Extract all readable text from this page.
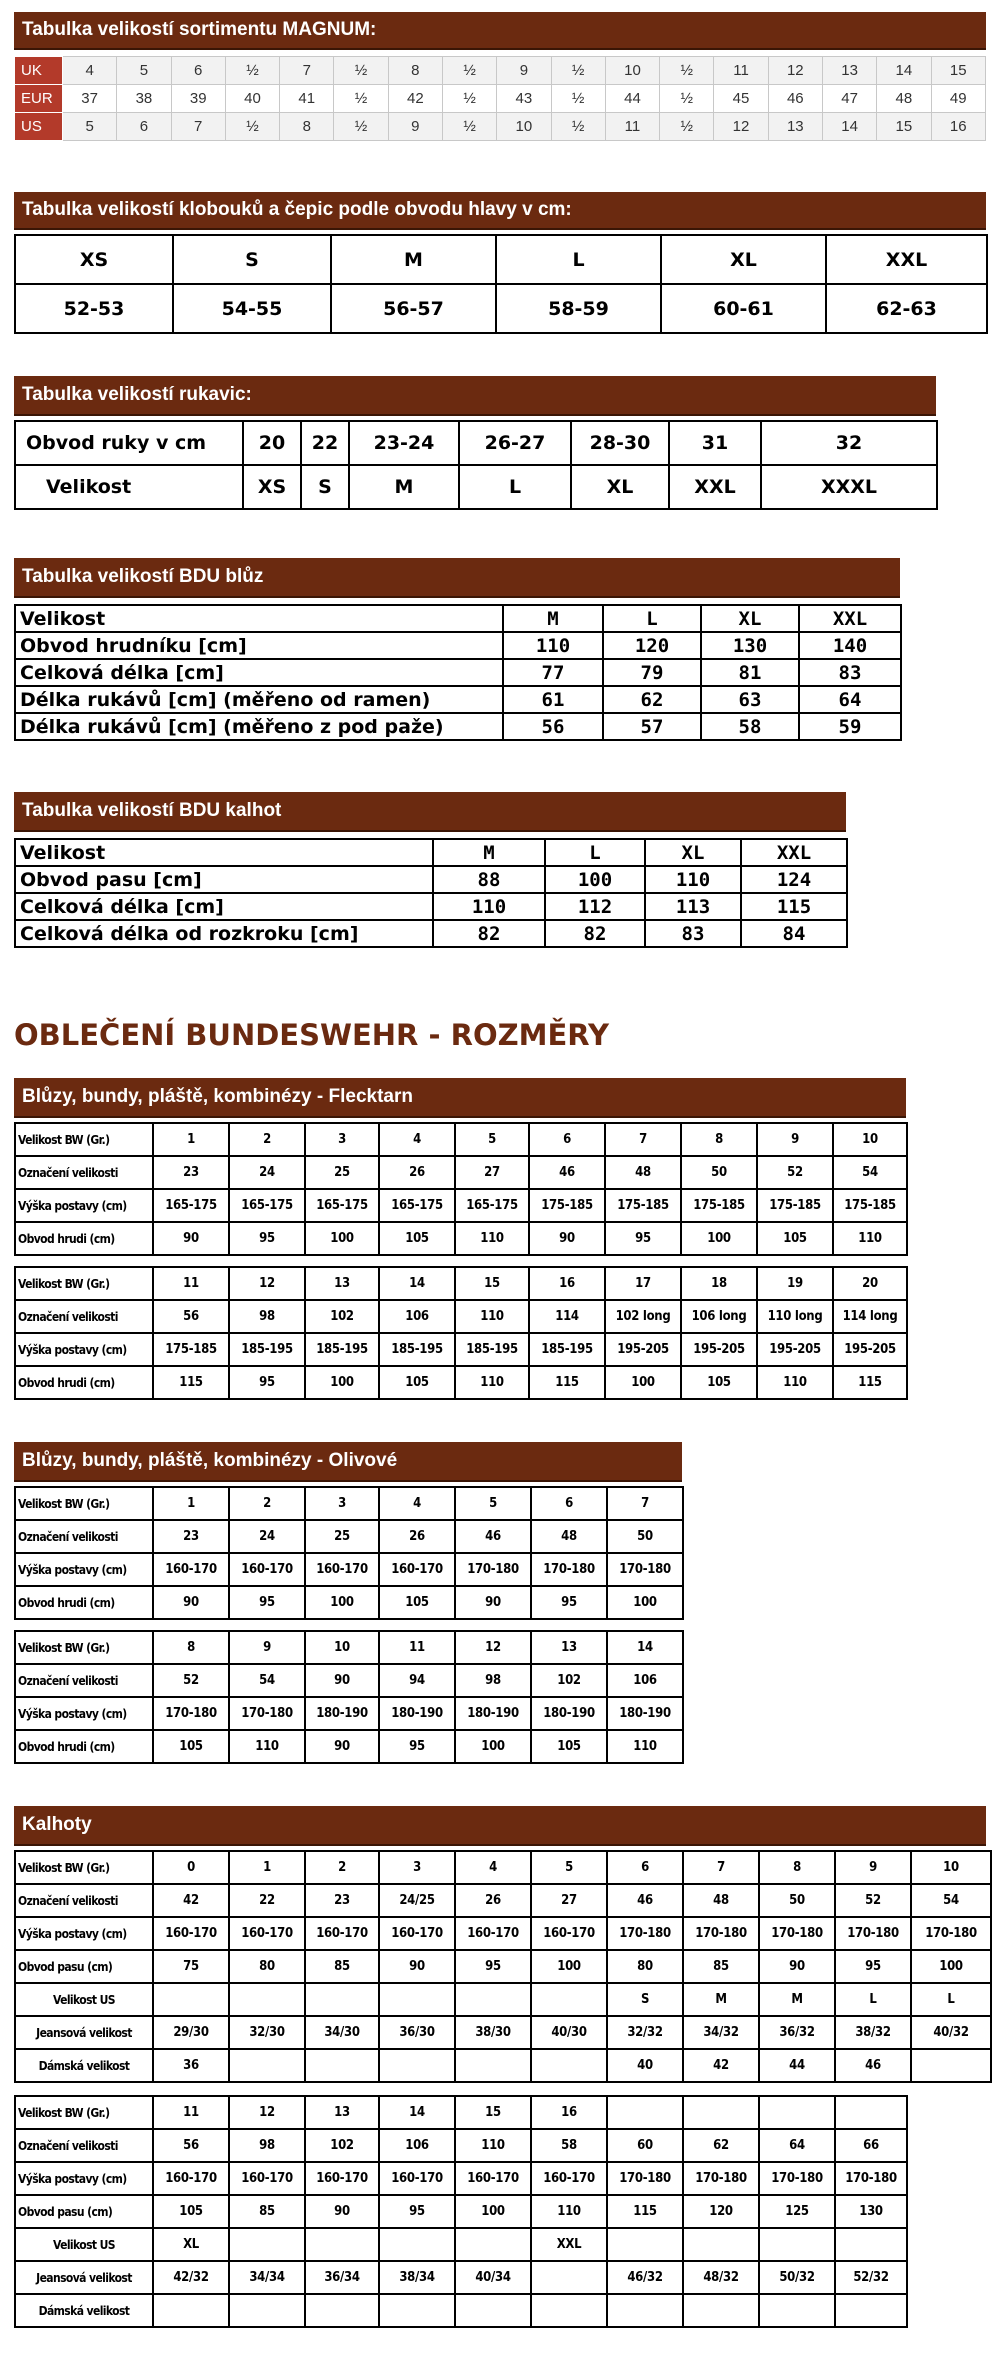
Tabulka velikostí sortimentu MAGNUM:
UK	4	5	6	½	7	½	8	½	9	½	10	½	11	12	13	14	15
EUR	37	38	39	40	41	½	42	½	43	½	44	½	45	46	47	48	49
US	5	6	7	½	8	½	9	½	10	½	11	½	12	13	14	15	16
Tabulka velikostí klobouků a čepic podle obvodu hlavy v cm:
XS	S	M	L	XL	XXL
52-53	54-55	56-57	58-59	60-61	62-63
Tabulka velikostí rukavic:
Obvod ruky v cm	20	22	23-24	26-27	28-30	31	32
Velikost	XS	S	M	L	XL	XXL	XXXL
Tabulka velikostí BDU blůz
Velikost	M	L	XL	XXL
Obvod hrudníku [cm]	110	120	130	140
Celková délka [cm]	77	79	81	83
Délka rukávů [cm] (měřeno od ramen)	61	62	63	64
Délka rukávů [cm] (měřeno z pod paže)	56	57	58	59
Tabulka velikostí BDU kalhot
Velikost	M	L	XL	XXL
Obvod pasu [cm]	88	100	110	124
Celková délka [cm]	110	112	113	115
Celková délka od rozkroku [cm]	82	82	83	84
OBLEČENÍ BUNDESWEHR - ROZMĚRY
Blůzy, bundy, pláště, kombinézy - Flecktarn
Velikost BW (Gr.)	1	2	3	4	5	6	7	8	9	10
Označení velikosti	23	24	25	26	27	46	48	50	52	54
Výška postavy (cm)	165-175	165-175	165-175	165-175	165-175	175-185	175-185	175-185	175-185	175-185
Obvod hrudi (cm)	90	95	100	105	110	90	95	100	105	110
Velikost BW (Gr.)	11	12	13	14	15	16	17	18	19	20
Označení velikosti	56	98	102	106	110	114	102 long	106 long	110 long	114 long
Výška postavy (cm)	175-185	185-195	185-195	185-195	185-195	185-195	195-205	195-205	195-205	195-205
Obvod hrudi (cm)	115	95	100	105	110	115	100	105	110	115
Blůzy, bundy, pláště, kombinézy - Olivové
Velikost BW (Gr.)	1	2	3	4	5	6	7
Označení velikosti	23	24	25	26	46	48	50
Výška postavy (cm)	160-170	160-170	160-170	160-170	170-180	170-180	170-180
Obvod hrudi (cm)	90	95	100	105	90	95	100
Velikost BW (Gr.)	8	9	10	11	12	13	14
Označení velikosti	52	54	90	94	98	102	106
Výška postavy (cm)	170-180	170-180	180-190	180-190	180-190	180-190	180-190
Obvod hrudi (cm)	105	110	90	95	100	105	110
Kalhoty
Velikost BW (Gr.)	0	1	2	3	4	5	6	7	8	9	10
Označení velikosti	42	22	23	24/25	26	27	46	48	50	52	54
Výška postavy (cm)	160-170	160-170	160-170	160-170	160-170	160-170	170-180	170-180	170-180	170-180	170-180
Obvod pasu (cm)	75	80	85	90	95	100	80	85	90	95	100
Velikost US							S	M	M	L	L
Jeansová velikost	29/30	32/30	34/30	36/30	38/30	40/30	32/32	34/32	36/32	38/32	40/32
Dámská velikost	36						40	42	44	46	
Velikost BW (Gr.)	11	12	13	14	15	16					
Označení velikosti	56	98	102	106	110	58	60	62	64	66	
Výška postavy (cm)	160-170	160-170	160-170	160-170	160-170	160-170	170-180	170-180	170-180	170-180	
Obvod pasu (cm)	105	85	90	95	100	110	115	120	125	130	
Velikost US	XL					XXL					
Jeansová velikost	42/32	34/34	36/34	38/34	40/34		46/32	48/32	50/32	52/32	
Dámská velikost											
